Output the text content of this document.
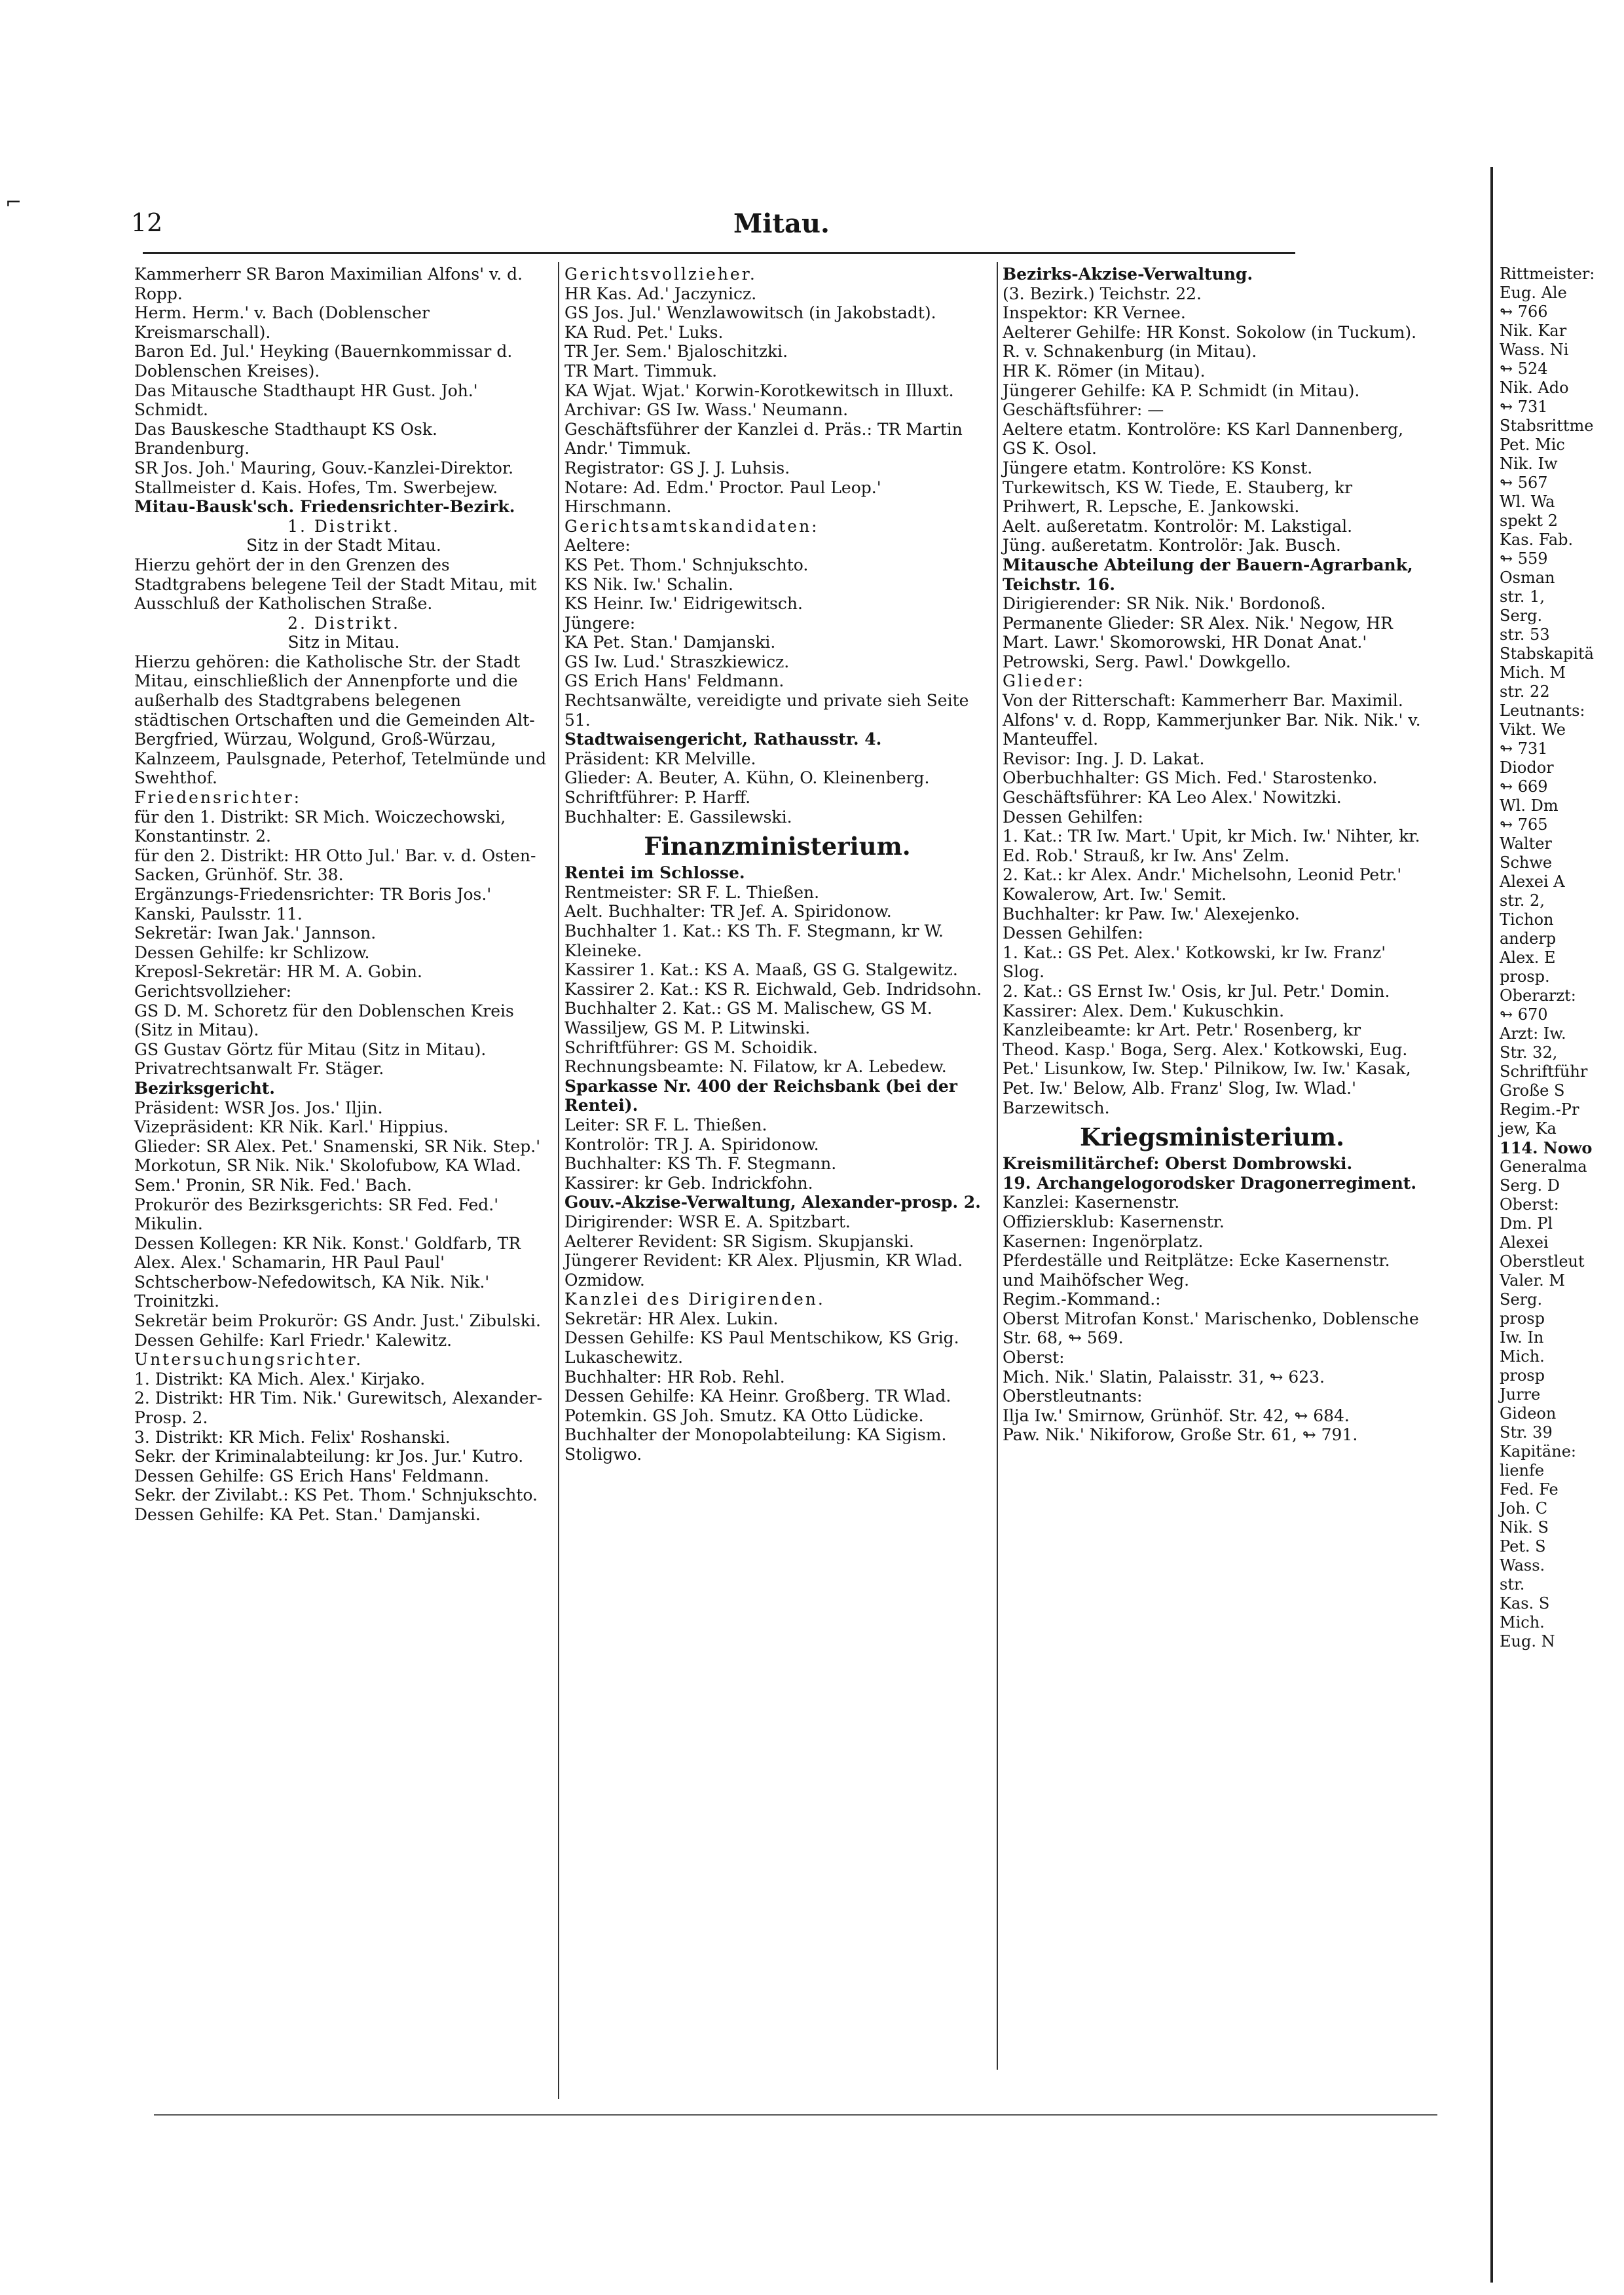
⌐
12	Mitau.

Kammerherr SR Baron Maximilian Alfons' v. d. Ropp.

Herm. Herm.' v. Bach (Doblenscher Kreismarschall).

Baron Ed. Jul.' Heyking (Bauernkommissar d. Doblenschen Kreises).

Das Mitausche Stadthaupt HR Gust. Joh.' Schmidt.

Das Bauskesche Stadthaupt KS Osk. Brandenburg.

SR Jos. Joh.' Mauring, Gouv.-Kanzlei-Direktor.

Stallmeister d. Kais. Hofes, Tm. Swerbejew.

Mitau-Bausk'sch. Friedensrichter-Bezirk.

1. Distrikt.

Sitz in der Stadt Mitau.

Hierzu gehört der in den Grenzen des Stadtgrabens belegene Teil der Stadt Mitau, mit Ausschluß der Katholischen Straße.

2. Distrikt.

Sitz in Mitau.

Hierzu gehören: die Katholische Str. der Stadt Mitau, einschließlich der Annenpforte und die außerhalb des Stadtgrabens belegenen städtischen Ortschaften und die Gemeinden Alt-Bergfried, Würzau, Wolgund, Groß-Würzau, Kalnzeem, Paulsgnade, Peterhof, Tetelmünde und Swehthof.

Friedensrichter:

für den 1. Distrikt: SR Mich. Woiczechowski, Konstantinstr. 2.

für den 2. Distrikt: HR Otto Jul.' Bar. v. d. Osten-Sacken, Grünhöf. Str. 38.

Ergänzungs-Friedensrichter: TR Boris Jos.' Kanski, Paulsstr. 11.

Sekretär: Iwan Jak.' Jannson.

Dessen Gehilfe: kr Schlizow.

Kreposl-Sekretär: HR M. A. Gobin.

Gerichtsvollzieher:

GS D. M. Schoretz für den Doblenschen Kreis (Sitz in Mitau).

GS Gustav Görtz für Mitau (Sitz in Mitau).

Privatrechtsanwalt Fr. Stäger.

Bezirksgericht.

Präsident: WSR Jos. Jos.' Iljin.

Vizepräsident: KR Nik. Karl.' Hippius.

Glieder: SR Alex. Pet.' Snamenski, SR Nik. Step.' Morkotun, SR Nik. Nik.' Skolofubow, KA Wlad. Sem.' Pronin, SR Nik. Fed.' Bach.

Prokurör des Bezirksgerichts: SR Fed. Fed.' Mikulin.

Dessen Kollegen: KR Nik. Konst.' Goldfarb, TR Alex. Alex.' Schamarin, HR Paul Paul' Schtscherbow-Nefedowitsch, KA Nik. Nik.' Troinitzki.

Sekretär beim Prokurör: GS Andr. Just.' Zibulski.

Dessen Gehilfe: Karl Friedr.' Kalewitz.

Untersuchungsrichter.

1. Distrikt: KA Mich. Alex.' Kirjako.

2. Distrikt: HR Tim. Nik.' Gurewitsch, Alexander-Prosp. 2.

3. Distrikt: KR Mich. Felix' Roshanski.

Sekr. der Kriminalabteilung: kr Jos. Jur.' Kutro.

Dessen Gehilfe: GS Erich Hans' Feldmann.

Sekr. der Zivilabt.: KS Pet. Thom.' Schnjukschto.

Dessen Gehilfe: KA Pet. Stan.' Damjanski.

Gerichtsvollzieher.

HR Kas. Ad.' Jaczynicz.

GS Jos. Jul.' Wenzlawowitsch (in Jakobstadt).

KA Rud. Pet.' Luks.

TR Jer. Sem.' Bjaloschitzki.

TR Mart. Timmuk.

KA Wjat. Wjat.' Korwin-Korotkewitsch in Illuxt.

Archivar: GS Iw. Wass.' Neumann.

Geschäftsführer der Kanzlei d. Präs.: TR Martin Andr.' Timmuk.

Registrator: GS J. J. Luhsis.

Notare: Ad. Edm.' Proctor. Paul Leop.' Hirschmann.

Gerichtsamtskandidaten:

Aeltere:

KS Pet. Thom.' Schnjukschto.

KS Nik. Iw.' Schalin.

KS Heinr. Iw.' Eidrigewitsch.

Jüngere:

KA Pet. Stan.' Damjanski.

GS Iw. Lud.' Straszkiewicz.

GS Erich Hans' Feldmann.

Rechtsanwälte, vereidigte und private sieh Seite 51.

Stadtwaisengericht, Rathausstr. 4.

Präsident: KR Melville.

Glieder: A. Beuter, A. Kühn, O. Kleinenberg.

Schriftführer: P. Harff.

Buchhalter: E. Gassilewski.

Finanzministerium.

Rentei im Schlosse.

Rentmeister: SR F. L. Thießen.

Aelt. Buchhalter: TR Jef. A. Spiridonow.

Buchhalter 1. Kat.: KS Th. F. Stegmann, kr W. Kleineke.

Kassirer 1. Kat.: KS A. Maaß, GS G. Stalgewitz.

Kassirer 2. Kat.: KS R. Eichwald, Geb. Indridsohn.

Buchhalter 2. Kat.: GS M. Malischew, GS M. Wassiljew, GS M. P. Litwinski.

Schriftführer: GS M. Schoidik.

Rechnungsbeamte: N. Filatow, kr A. Lebedew.

Sparkasse Nr. 400 der Reichsbank (bei der Rentei).

Leiter: SR F. L. Thießen.

Kontrolör: TR J. A. Spiridonow.

Buchhalter: KS Th. F. Stegmann.

Kassirer: kr Geb. Indrickfohn.

Gouv.-Akzise-Verwaltung, Alexander-prosp. 2.

Dirigirender: WSR E. A. Spitzbart.

Aelterer Revident: SR Sigism. Skupjanski.

Jüngerer Revident: KR Alex. Pljusmin, KR Wlad. Ozmidow.

Kanzlei des Dirigirenden.

Sekretär: HR Alex. Lukin.

Dessen Gehilfe: KS Paul Mentschikow, KS Grig. Lukaschewitz.

Buchhalter: HR Rob. Rehl.

Dessen Gehilfe: KA Heinr. Großberg. TR Wlad. Potemkin. GS Joh. Smutz. KA Otto Lüdicke.

Buchhalter der Monopolabteilung: KA Sigism. Stoligwo.

Bezirks-Akzise-Verwaltung.

(3. Bezirk.) Teichstr. 22.

Inspektor: KR Vernee.

Aelterer Gehilfe: HR Konst. Sokolow (in Tuckum).

R. v. Schnakenburg (in Mitau).

HR K. Römer (in Mitau).

Jüngerer Gehilfe: KA P. Schmidt (in Mitau).

Geschäftsführer: —

Aeltere etatm. Kontrolöre: KS Karl Dannenberg, GS K. Osol.

Jüngere etatm. Kontrolöre: KS Konst. Turkewitsch, KS W. Tiede, E. Stauberg, kr Prihwert, R. Lepsche, E. Jankowski.

Aelt. außeretatm. Kontrolör: M. Lakstigal.

Jüng. außeretatm. Kontrolör: Jak. Busch.

Mitausche Abteilung der Bauern-Agrarbank, Teichstr. 16.

Dirigierender: SR Nik. Nik.' Bordonoß.

Permanente Glieder: SR Alex. Nik.' Negow, HR Mart. Lawr.' Skomorowski, HR Donat Anat.' Petrowski, Serg. Pawl.' Dowkgello.

Glieder:

Von der Ritterschaft: Kammerherr Bar. Maximil. Alfons' v. d. Ropp, Kammerjunker Bar. Nik. Nik.' v. Manteuffel.

Revisor: Ing. J. D. Lakat.

Oberbuchhalter: GS Mich. Fed.' Starostenko.

Geschäftsführer: KA Leo Alex.' Nowitzki.

Dessen Gehilfen:

1. Kat.: TR Iw. Mart.' Upit, kr Mich. Iw.' Nihter, kr. Ed. Rob.' Strauß, kr Iw. Ans' Zelm.

2. Kat.: kr Alex. Andr.' Michelsohn, Leonid Petr.' Kowalerow, Art. Iw.' Semit.

Buchhalter: kr Paw. Iw.' Alexejenko.

Dessen Gehilfen:

1. Kat.: GS Pet. Alex.' Kotkowski, kr Iw. Franz' Slog.

2. Kat.: GS Ernst Iw.' Osis, kr Jul. Petr.' Domin.

Kassirer: Alex. Dem.' Kukuschkin.

Kanzleibeamte: kr Art. Petr.' Rosenberg, kr Theod. Kasp.' Boga, Serg. Alex.' Kotkowski, Eug. Pet.' Lisunkow, Iw. Step.' Pilnikow, Iw. Iw.' Kasak, Pet. Iw.' Below, Alb. Franz' Slog, Iw. Wlad.' Barzewitsch.

Kriegsministerium.

Kreismilitärchef: Oberst Dombrowski.

19. Archangelogorodsker Dragonerregiment.

Kanzlei: Kasernenstr.

Offiziersklub: Kasernenstr.

Kasernen: Ingenörplatz.

Pferdeställe und Reitplätze: Ecke Kasernenstr. und Maihöfscher Weg.

Regim.-Kommand.:

Oberst Mitrofan Konst.' Marischenko, Doblensche Str. 68, ↬ 569.

Oberst:

Mich. Nik.' Slatin, Palaisstr. 31, ↬ 623.

Oberstleutnants:

Ilja Iw.' Smirnow, Grünhöf. Str. 42, ↬ 684.

Paw. Nik.' Nikiforow, Große Str. 61, ↬ 791.

Rittmeister:

Eug. Ale

↬ 766

Nik. Kar

Wass. Ni

↬ 524

Nik. Ado

↬ 731

Stabsrittme

Pet. Mic

Nik. Iw

↬ 567

Wl. Wa

spekt 2

Kas. Fab.

↬ 559

Osman

str. 1,

Serg.

str. 53

Stabskapitä

Mich. M

str. 22

Leutnants:

Vikt. We

↬ 731

Diodor

↬ 669

Wl. Dm

↬ 765

Walter

Schwe

Alexei A

str. 2,

Tichon

anderp

Alex. E

prosp.

Oberarzt:

↬ 670

Arzt: Iw.

Str. 32,

Schriftführ

Große S

Regim.-Pr

jew, Ka

114. Nowo

Generalma

Serg. D

Oberst:

Dm. Pl

Alexei

Oberstleut

Valer. M

Serg.

prosp

Iw. In

Mich.

prosp

Jurre

Gideon

Str. 39

Kapitäne:

lienfe

Fed. Fe

Joh. C

Nik. S

Pet. S

Wass.

str.

Kas. S

Mich.

Eug. N
